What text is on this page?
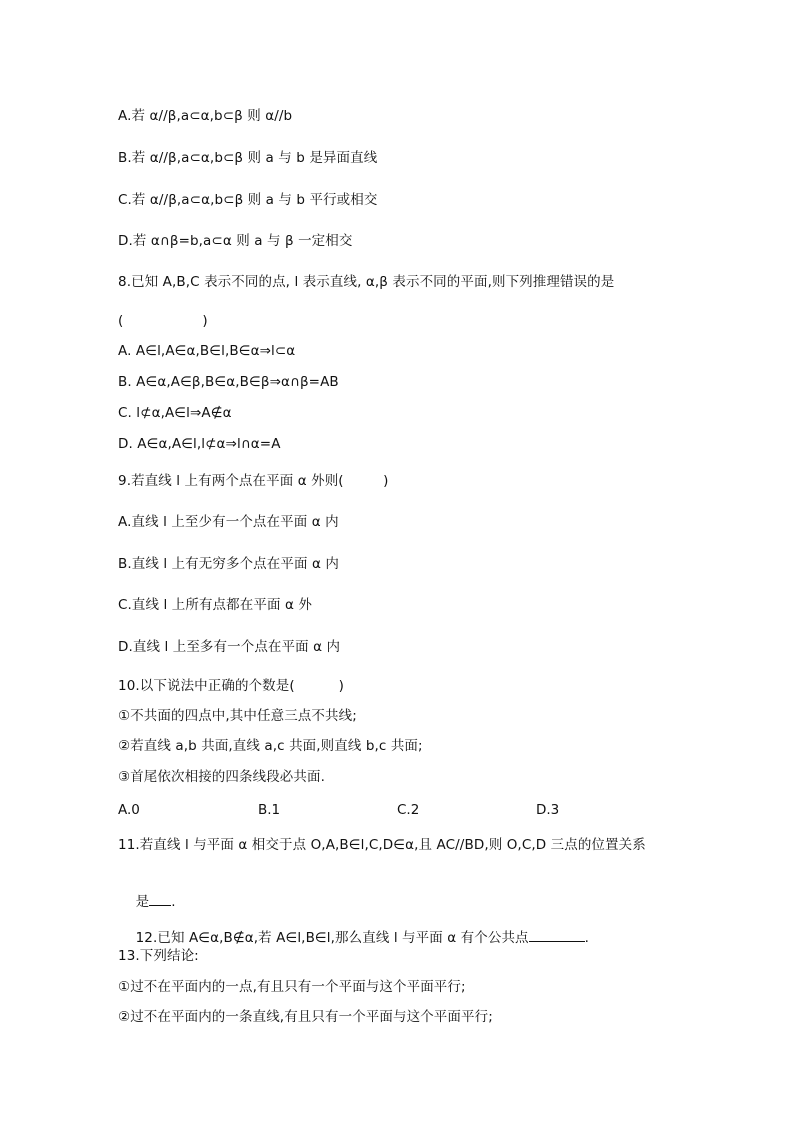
A.若 α//β,a⊂α,b⊂β 则 α//b
B.若 α//β,a⊂α,b⊂β 则 a 与 b 是异面直线
C.若 α//β,a⊂α,b⊂β 则 a 与 b 平行或相交
D.若 α∩β=b,a⊂α 则 a 与 β 一定相交
8.已知 A,B,C 表示不同的点, l 表示直线, α,β 表示不同的平面,则下列推理错误的是
(                  )
A. A∈l,A∈α,B∈l,B∈α⇒l⊂α
B. A∈α,A∈β,B∈α,B∈β⇒α∩β=AB
C. l⊄α,A∈l⇒A∉α
D. A∈α,A∈l,l⊄α⇒l∩α=A
9.若直线 l 上有两个点在平面 α 外则(         )
A.直线 l 上至少有一个点在平面 α 内
B.直线 l 上有无穷多个点在平面 α 内
C.直线 l 上所有点都在平面 α 外
D.直线 l 上至多有一个点在平面 α 内
10.以下说法中正确的个数是(          )
①不共面的四点中,其中任意三点不共线;
②若直线 a,b 共面,直线 a,c 共面,则直线 b,c 共面;
③首尾依次相接的四条线段必共面.
A.0	B.1	C.2	D.3
11.若直线 l 与平面 α 相交于点 O,A,B∈l,C,D∈α,且 AC//BD,则 O,C,D 三点的位置关系

是 .

12.已知 A∈α,B∉α,若 A∈l,B∈l,那么直线 l 与平面 α 有个公共点	.

13.下列结论:
①过不在平面内的一点,有且只有一个平面与这个平面平行;
②过不在平面内的一条直线,有且只有一个平面与这个平面平行;
